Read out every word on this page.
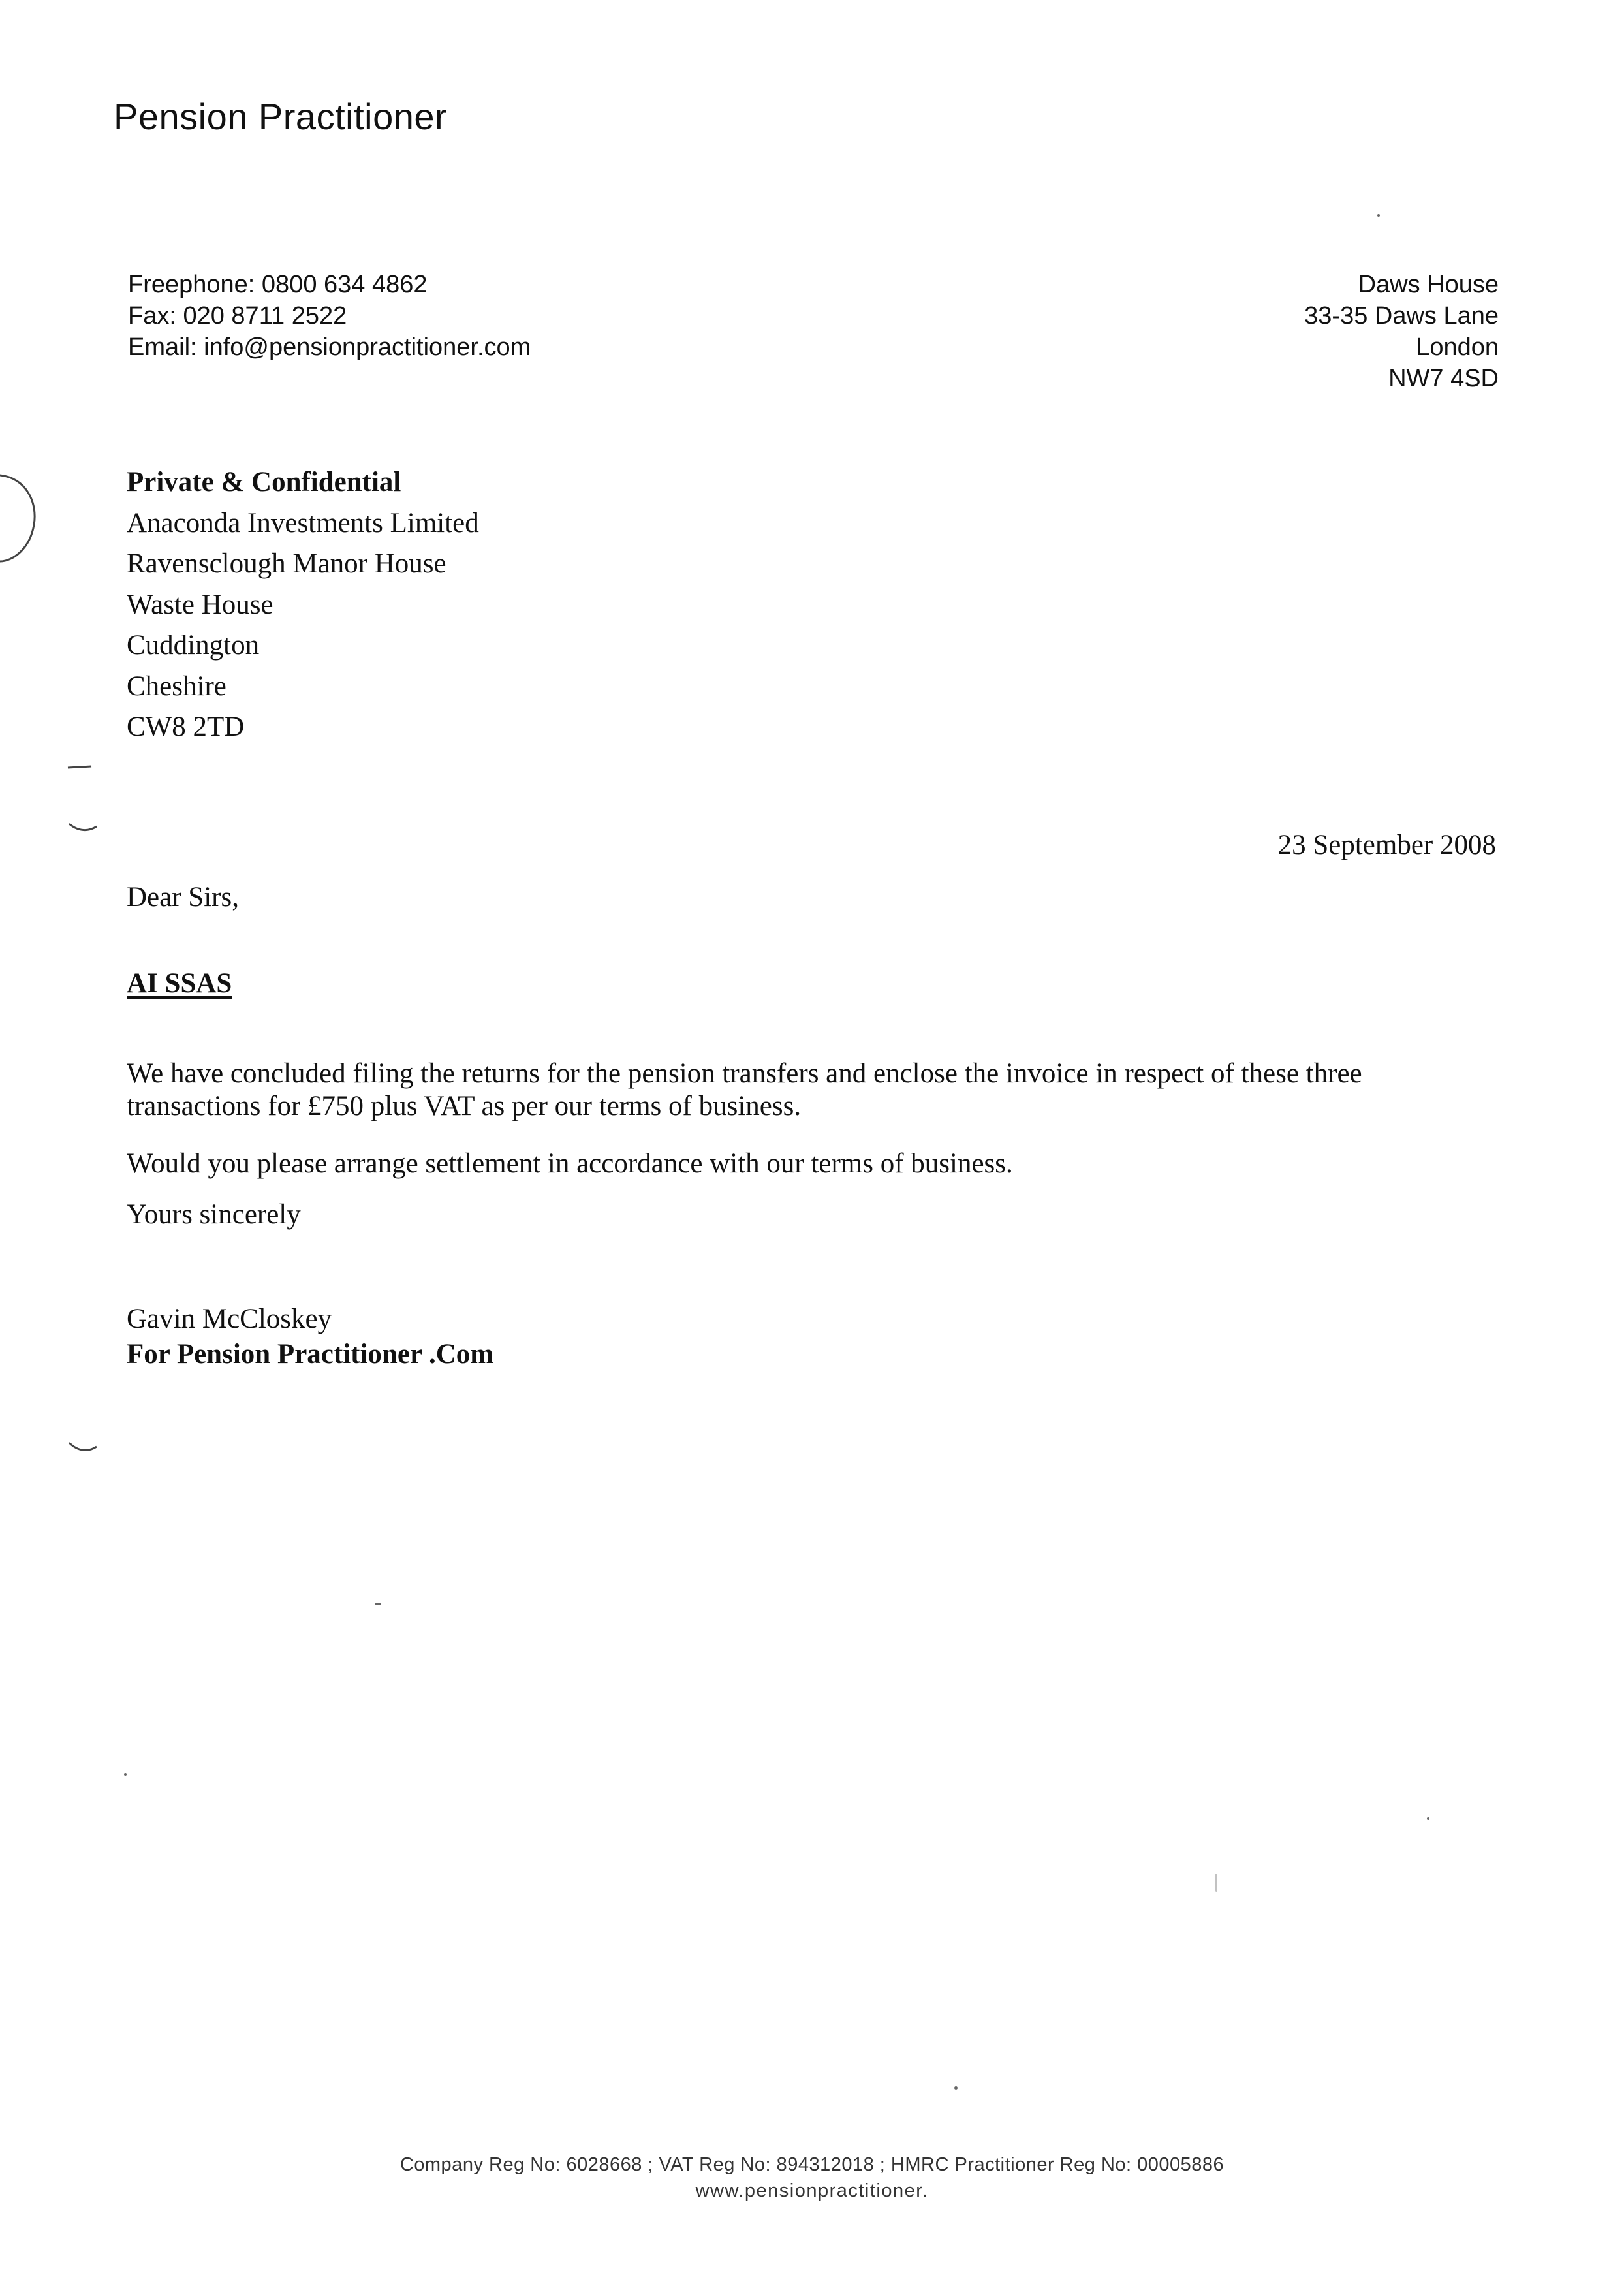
Pension Practitioner
Freephone: 0800 634 4862
Fax: 020 8711 2522
Email: info@pensionpractitioner.com
Daws House
33-35 Daws Lane
London
NW7 4SD
Private & Confidential
Anaconda Investments Limited
Ravensclough Manor House
Waste House
Cuddington
Cheshire
CW8 2TD
23 September 2008
Dear Sirs,
AI SSAS
We have concluded filing the returns for the pension transfers and enclose the invoice in respect of these three transactions for £750 plus VAT as per our terms of business.
Would you please arrange settlement in accordance with our terms of business.
Yours sincerely
Gavin McCloskey
For Pension Practitioner .Com
Company Reg No: 6028668 ; VAT Reg No: 894312018 ; HMRC Practitioner Reg No: 00005886
www.pensionpractitioner.
